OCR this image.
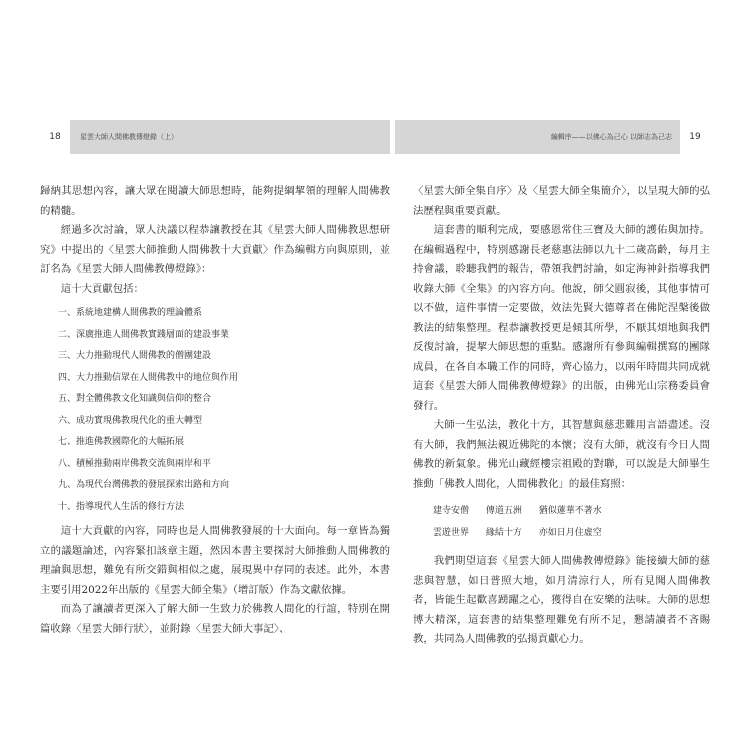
18	星雲大師人間佛教傳燈錄（上）

歸納其思想內容，讓大眾在閱讀大師思想時，能夠提綱挈領的理解人間佛教的精髓。

經過多次討論，眾人決議以程恭讓教授在其《星雲大師人間佛教思想研究》中提出的〈星雲大師推動人間佛教十大貢獻〉作為編輯方向與原則，並訂名為《星雲大師人間佛教傳燈錄》：

這十大貢獻包括：

一、系統地建構人間佛教的理論體系
二、深廣推進人間佛教實踐層面的建設事業
三、大力推動現代人間佛教的僧團建設
四、大力推動信眾在人間佛教中的地位與作用
五、對全體佛教文化知識與信仰的整合
六、成功實現佛教現代化的重大轉型
七、推進佛教國際化的大幅拓展
八、積極推動兩岸佛教交流與兩岸和平
九、為現代台灣佛教的發展探索出路和方向
十、指導現代人生活的修行方法

這十大貢獻的內容，同時也是人間佛教發展的十大面向。每一章皆為獨立的議題論述，內容緊扣該章主題，然因本書主要探討大師推動人間佛教的理論與思想，難免有所交錯與相似之處，展現異中存同的表述。此外，本書主要引用2022年出版的《星雲大師全集》（增訂版）作為文獻依據。

而為了讓讀者更深入了解大師一生致力於佛教人間化的行誼，特別在開篇收錄〈星雲大師行狀〉，並附錄〈星雲大師大事記〉、

編輯序——以佛心為己心 以師志為己志	19

〈星雲大師全集自序〉及〈星雲大師全集簡介〉，以呈現大師的弘法歷程與重要貢獻。

這套書的順利完成，要感恩常住三寶及大師的護佑與加持。在編輯過程中，特別感謝長老慈惠法師以九十二歲高齡，每月主持會議，聆聽我們的報告，帶領我們討論，如定海神針指導我們收錄大師《全集》的內容方向。他說，師父圓寂後，其他事情可以不做，這件事情一定要做，效法先賢大德尊者在佛陀涅槃後做教法的結集整理。程恭讓教授更是傾其所學，不厭其煩地與我們反復討論，提挈大師思想的重點。感謝所有參與編輯撰寫的團隊成員，在各自本職工作的同時，齊心協力，以兩年時間共同成就這套《星雲大師人間佛教傳燈錄》的出版，由佛光山宗務委員會發行。

大師一生弘法，教化十方，其智慧與慈悲難用言語盡述。沒有大師，我們無法親近佛陀的本懷；沒有大師，就沒有今日人間佛教的新氣象。佛光山藏經樓宗祖殿的對聯，可以說是大師畢生推動「佛教人間化，人間佛教化」的最佳寫照：

建寺安僧 傳道五洲 猶似蓮華不著水
雲遊世界 緣結十方 亦如日月住虛空

我們期望這套《星雲大師人間佛教傳燈錄》能接續大師的慈悲與智慧，如日普照大地，如月清涼行人，所有見聞人間佛教者，皆能生起歡喜踴躍之心，獲得自在安樂的法味。大師的思想博大精深，這套書的結集整理難免有所不足，懇請讀者不吝賜教，共同為人間佛教的弘揚貢獻心力。
